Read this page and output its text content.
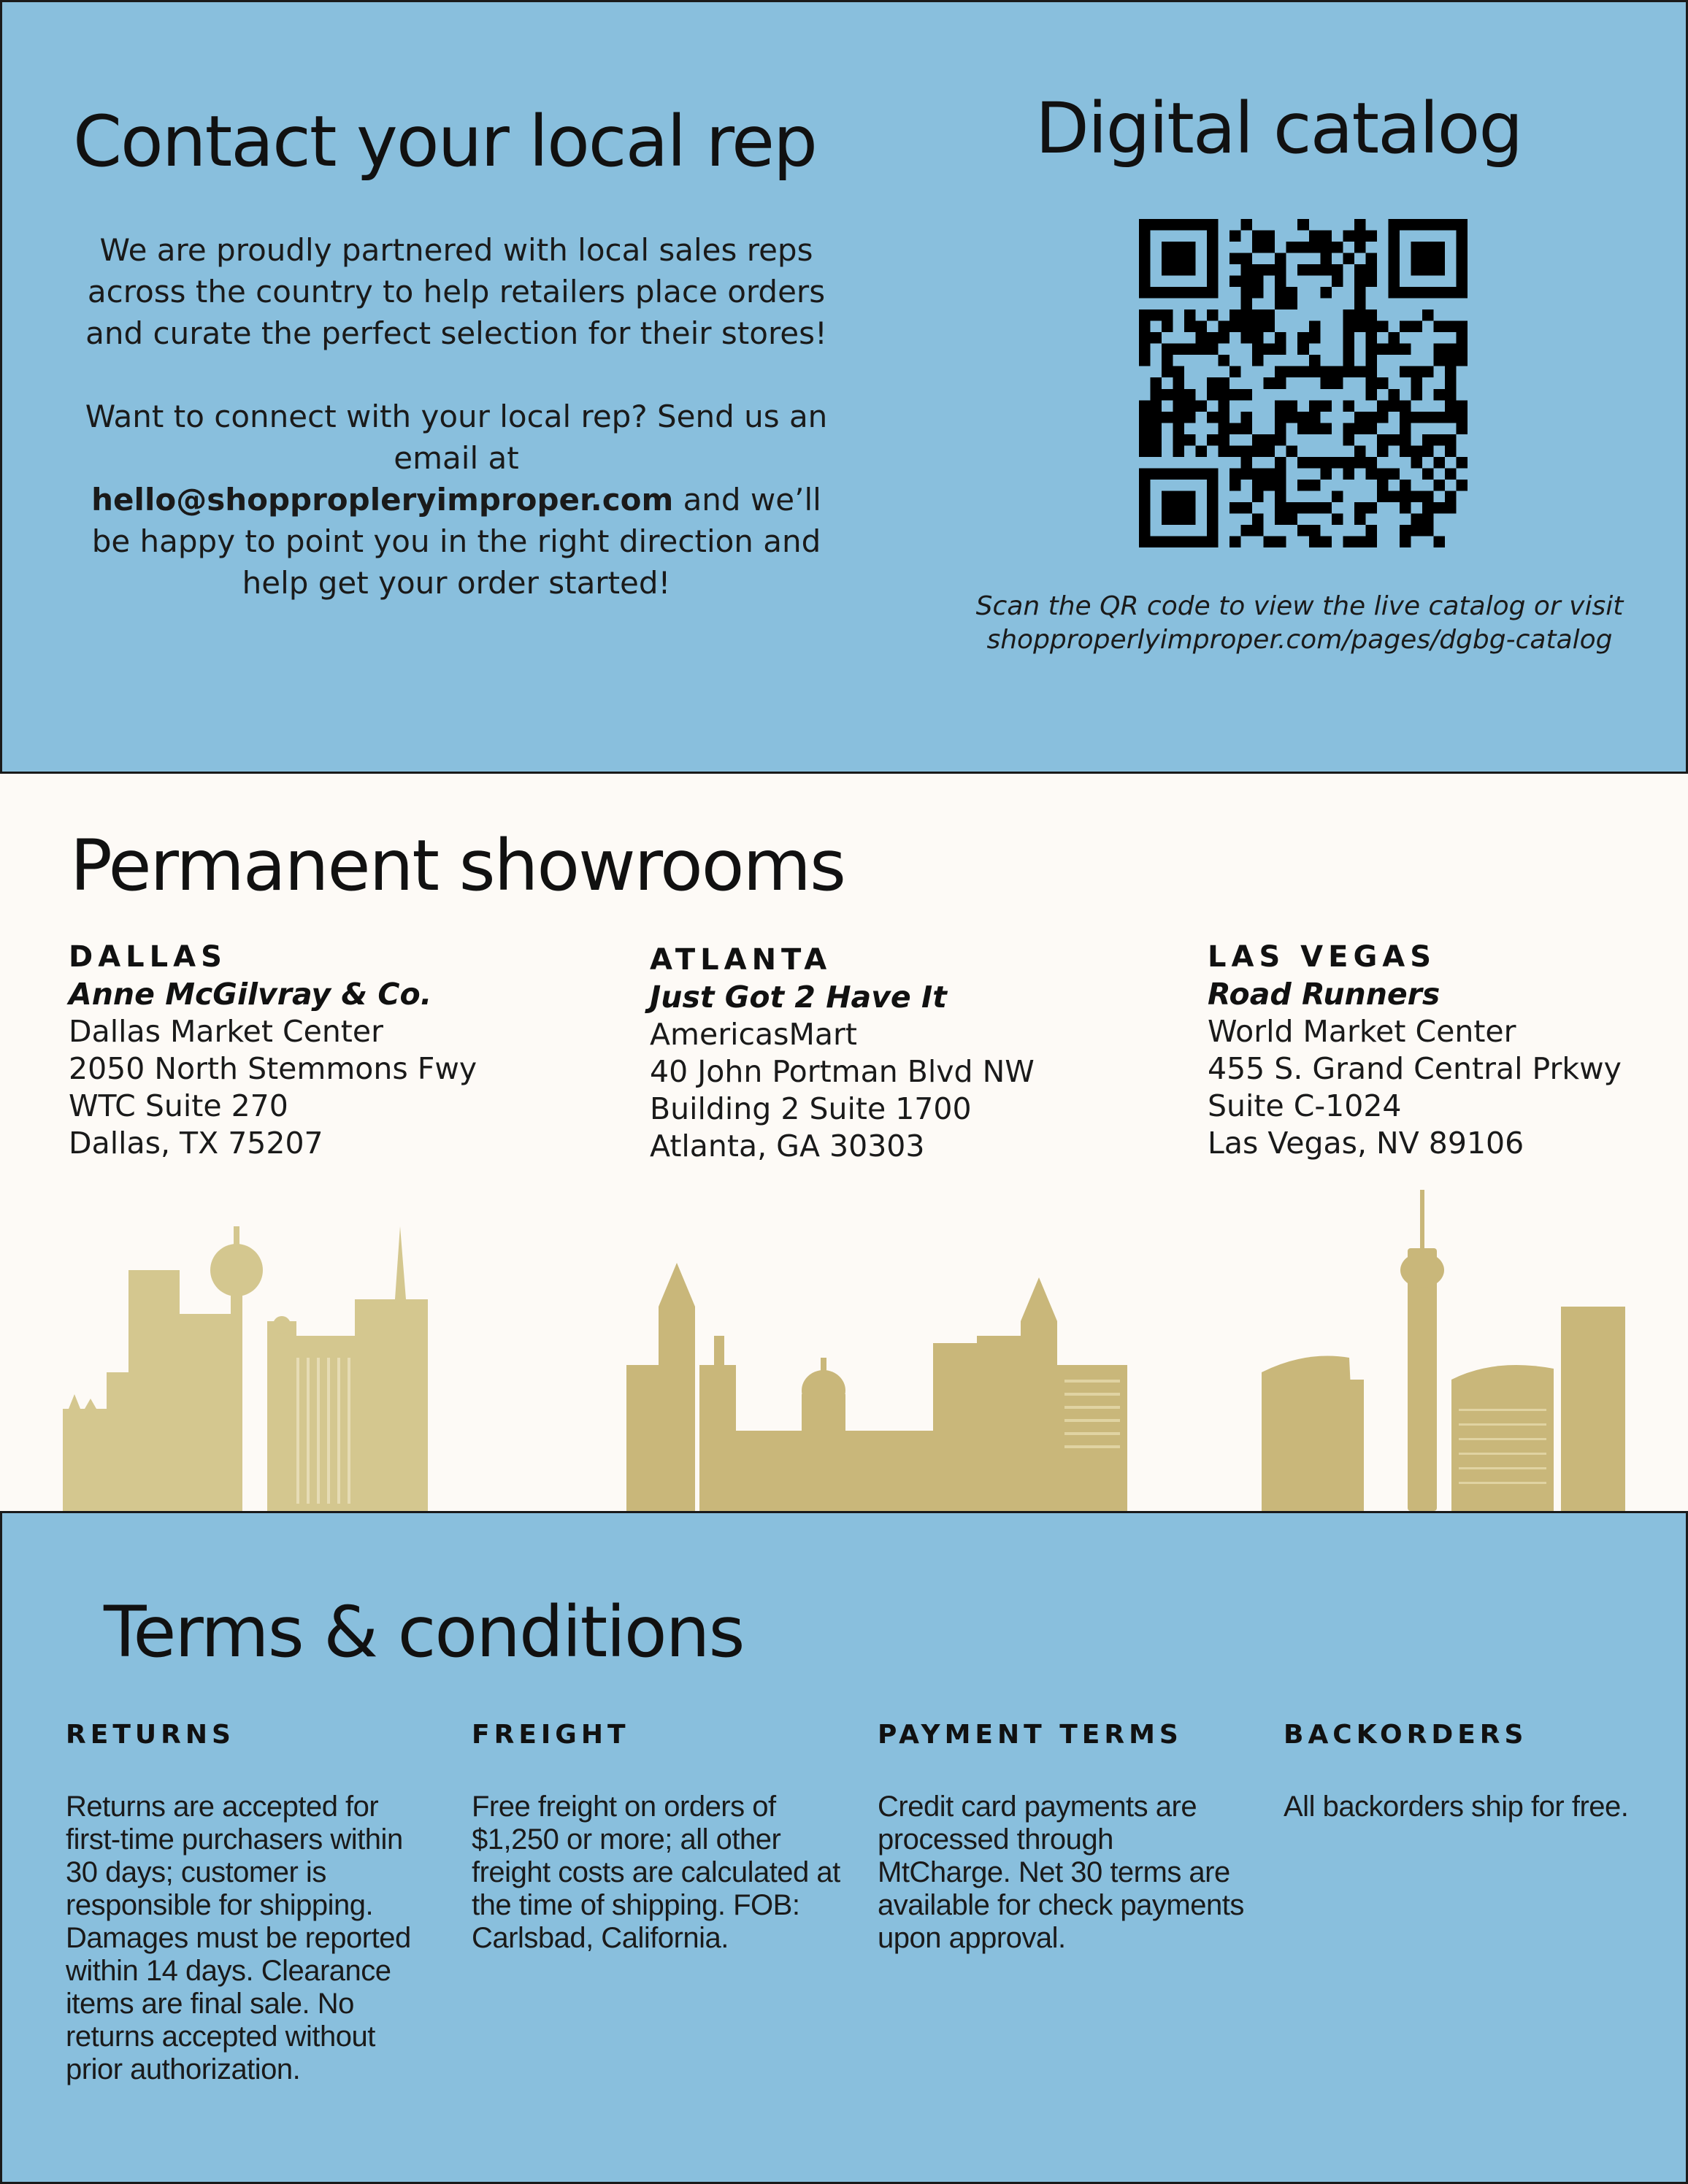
Contact your local rep

We are proudly partnered with local sales reps across the country to help retailers place orders and curate the perfect selection for their stores!

Want to connect with your local rep? Send us an email at
hello@shoppropleryimproper.com and we’ll be happy to point you in the right direction and help get your order started!

Digital catalog
Scan the QR code to view the live catalog or visit
shopproperlyimproper.com/pages/dgbg-catalog
Permanent showrooms
DALLAS
Anne McGilvray & Co.
Dallas Market Center
2050 North Stemmons Fwy
WTC Suite 270
Dallas, TX 75207
ATLANTA
Just Got 2 Have It
AmericasMart
40 John Portman Blvd NW
Building 2 Suite 1700
Atlanta, GA 30303
LAS VEGAS
Road Runners
World Market Center
455 S. Grand Central Prkwy
Suite C-1024
Las Vegas, NV 89106
Terms & conditions
RETURNS
Returns are accepted for first-time purchasers within 30 days; customer is responsible for shipping. Damages must be reported within 14 days. Clearance items are final sale. No returns accepted without prior authorization.
FREIGHT
Free freight on orders of $1,250 or more; all other freight costs are calculated at the time of shipping. FOB: Carlsbad, California.
PAYMENT TERMS
Credit card payments are processed through MtCharge. Net 30 terms are available for check payments upon approval.
BACKORDERS
All backorders ship for free.
